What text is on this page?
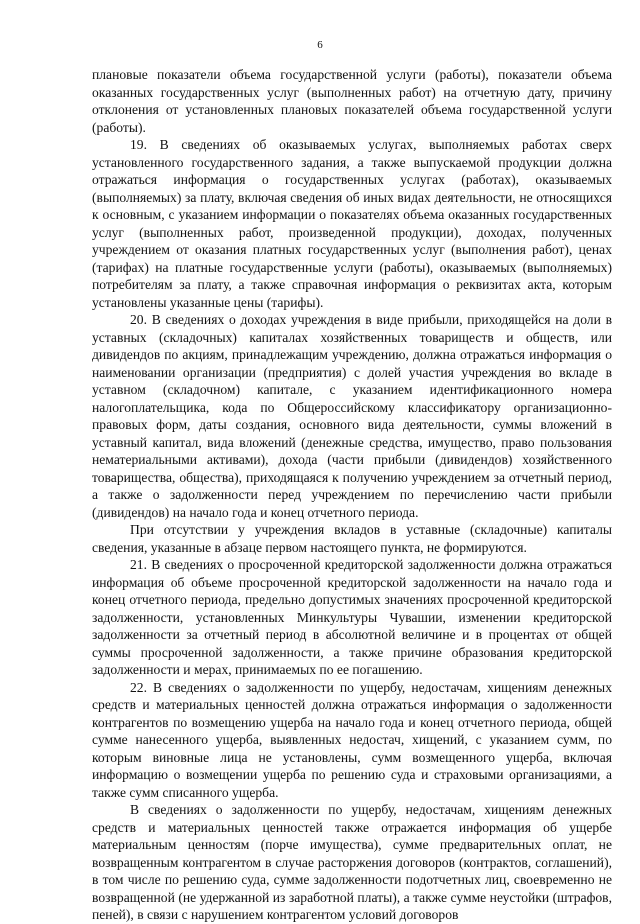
6

плановые показатели объема государственной услуги (работы), показатели объема оказанных государственных услуг (выполненных работ) на отчетную дату, причину отклонения от установленных плановых показателей объема государственной услуги (работы).

19. В сведениях об оказываемых услугах, выполняемых работах сверх установленного государственного задания, а также выпускаемой продукции должна отражаться информация о государственных услугах (работах), оказываемых (выполняемых) за плату, включая сведения об иных видах деятельности, не относящихся к основным, с указанием информации о показателях объема оказанных государственных услуг (выполненных работ, произведенной продукции), доходах, полученных учреждением от оказания платных государственных услуг (выполнения работ), ценах (тарифах) на платные государственные услуги (работы), оказываемых (выполняемых) потребителям за плату, а также справочная информация о реквизитах акта, которым установлены указанные цены (тарифы).

20. В сведениях о доходах учреждения в виде прибыли, приходящейся на доли в уставных (складочных) капиталах хозяйственных товариществ и обществ, или дивидендов по акциям, принадлежащим учреждению, должна отражаться информация о наименовании организации (предприятия) с долей участия учреждения во вкладе в уставном (складочном) капитале, с указанием идентификационного номера налогоплательщика, кода по Общероссийскому классификатору организационно-правовых форм, даты создания, основного вида деятельности, суммы вложений в уставный капитал, вида вложений (денежные средства, имущество, право пользования нематериальными активами), дохода (части прибыли (дивидендов) хозяйственного товарищества, общества), приходящаяся к получению учреждением за отчетный период, а также о задолженности перед учреждением по перечислению части прибыли (дивидендов) на начало года и конец отчетного периода.

При отсутствии у учреждения вкладов в уставные (складочные) капиталы сведения, указанные в абзаце первом настоящего пункта, не формируются.

21. В сведениях о просроченной кредиторской задолженности должна отражаться информация об объеме просроченной кредиторской задолженности на начало года и конец отчетного периода, предельно допустимых значениях просроченной кредиторской задолженности, установленных Минкультуры Чувашии, изменении кредиторской задолженности за отчетный период в абсолютной величине и в процентах от общей суммы просроченной задолженности, а также причине образования кредиторской задолженности и мерах, принимаемых по ее погашению.

22. В сведениях о задолженности по ущербу, недостачам, хищениям денежных средств и материальных ценностей должна отражаться информация о задолженности контрагентов по возмещению ущерба на начало года и конец отчетного периода, общей сумме нанесенного ущерба, выявленных недостач, хищений, с указанием сумм, по которым виновные лица не установлены, сумм возмещенного ущерба, включая информацию о возмещении ущерба по решению суда и страховыми организациями, а также сумм списанного ущерба.

В сведениях о задолженности по ущербу, недостачам, хищениям денежных средств и материальных ценностей также отражается информация об ущербе материальным ценностям (порче имущества), сумме предварительных оплат, не возвращенным контрагентом в случае расторжения договоров (контрактов, соглашений), в том числе по решению суда, сумме задолженности подотчетных лиц, своевременно не возвращенной (не удержанной из заработной платы), а также сумме неустойки (штрафов, пеней), в связи с нарушением контрагентом условий договоров
